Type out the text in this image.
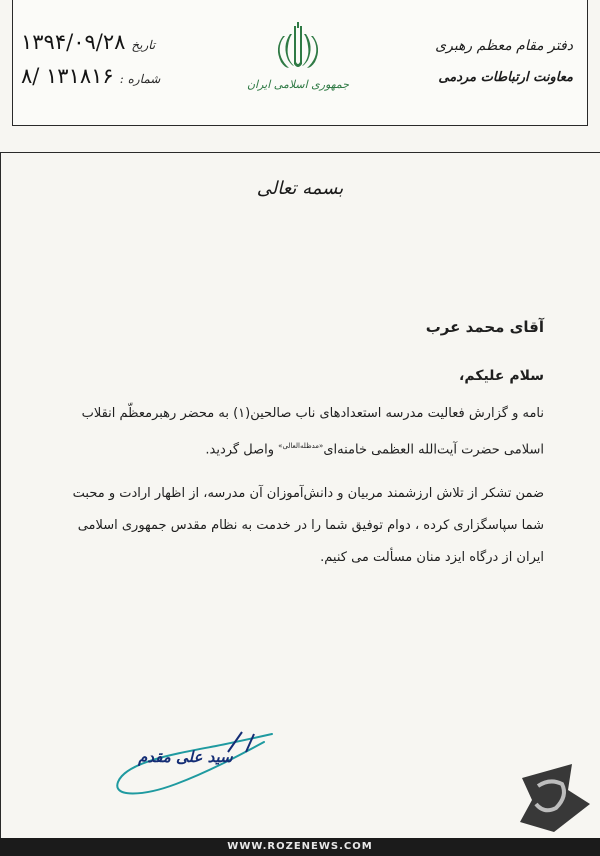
۱۳۹۴/۰۹/۲۸ تاریخ
۸/ ۱۳۱۸۱۶ شماره :	جمهوری اسلامی ایران
دفتر مقام معظم رهبری
معاونت ارتباطات مردمی
بسمه تعالی
آقای محمد عرب
سلام علیکم،

نامه و گزارش فعالیت مدرسه استعدادهای ناب صالحین(۱) به محضر رهبرمعظّم انقلاب اسلامی حضرت آیت‌الله العظمی خامنه‌ای$^{«مدظله‌العالی»}$ واصل گردید.

ضمن تشکر از تلاش ارزشمند مربیان و دانش‌آموزان آن مدرسه، از اظهار ارادت و محبت شما سپاسگزاری کرده ، دوام توفیق شما را در خدمت به نظام مقدس جمهوری اسلامی ایران از درگاه ایزد منان مسألت می کنیم.

سید علی مقدم
WWW.ROZENEWS.COM
